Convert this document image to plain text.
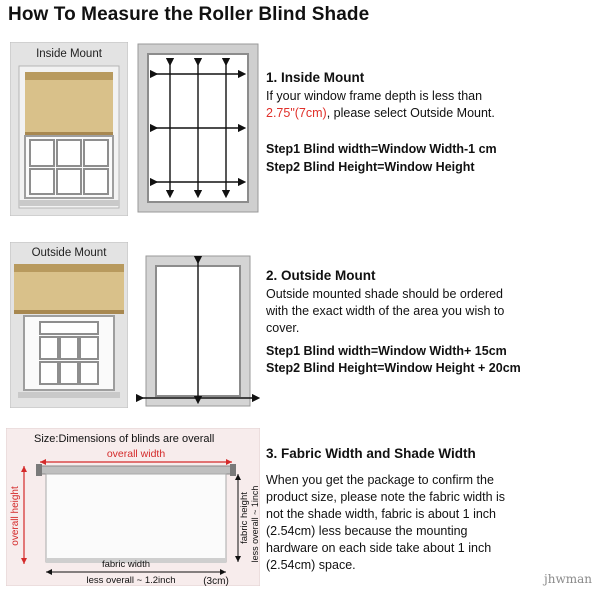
How To Measure the Roller Blind Shade
Inside Mount
1. Inside Mount
If your window frame depth is less than
2.75"(7cm), please select Outside Mount.
Step1 Blind width=Window Width-1 cm
Step2 Blind Height=Window Height
Outside Mount
2. Outside Mount
Outside mounted shade should be ordered
with the exact width of the area you wish to
cover.
Step1 Blind width=Window Width+ 15cm
Step2 Blind Height=Window Height + 20cm
Size:Dimensions of blinds are overall
overall width
overall height	fabric height less overall ~ 1inch
fabric width
less overall ~ 1.2inch	(3cm)
3. Fabric Width and Shade Width
When you get the package to confirm the
product size, please note the fabric width is
not the shade width, fabric is about 1 inch
(2.54cm) less because the mounting
hardware on each side take about 1 inch
(2.54cm) space.
jhwman
